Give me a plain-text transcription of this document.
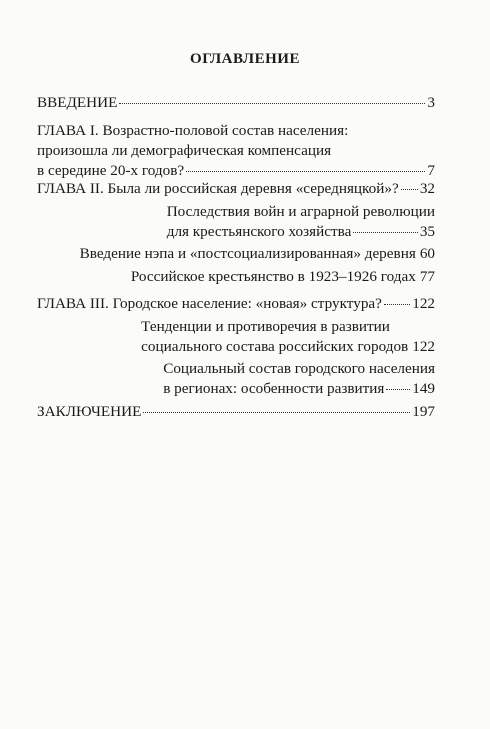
ОГЛАВЛЕНИЕ
ВВЕДЕНИЕ	3
ГЛАВА I. Возрастно-половой состав населения:
произошла ли демографическая компенсация
в середине 20-х годов?	7
ГЛАВА II. Была ли российская деревня «середняцкой»? 32
Последствия войн и аграрной революции
для крестьянского хозяйства	35
Введение нэпа и «постсоциализированная» деревня 60
Российское крестьянство в 1923–1926 годах 77
ГЛАВА III. Городское население: «новая» структура? 122
Тенденции и противоречия в развитии
социального состава российских городов 122
Социальный состав городского населения
в регионах: особенности развития 149
ЗАКЛЮЧЕНИЕ	197
